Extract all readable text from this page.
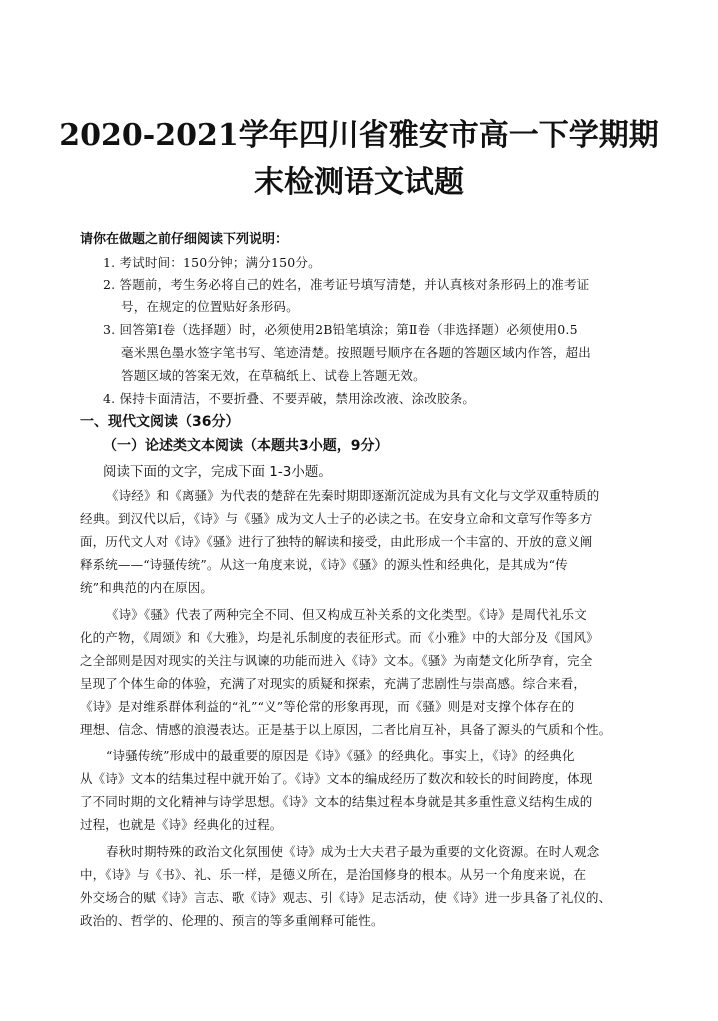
2020-2021学年四川省雅安市高一下学期期
末检测语文试题
请你在做题之前仔细阅读下列说明：
1. 考试时间：150分钟；满分150分。
2. 答题前，考生务必将自己的姓名，准考证号填写清楚，并认真核对条形码上的准考证
号，在规定的位置贴好条形码。
3. 回答第Ⅰ卷（选择题）时，必须使用2B铅笔填涂；第Ⅱ卷（非选择题）必须使用0.5
毫米黑色墨水签字笔书写、笔迹清楚。按照题号顺序在各题的答题区域内作答，超出
答题区域的答案无效，在草稿纸上、试卷上答题无效。
4. 保持卡面清洁，不要折叠、不要弄破，禁用涂改液、涂改胶条。
一、现代文阅读（36分）
（一）论述类文本阅读（本题共3小题，9分）
阅读下面的文字，完成下面 1-3小题。
《诗经》和《离骚》为代表的楚辞在先秦时期即逐渐沉淀成为具有文化与文学双重特质的
经典。到汉代以后，《诗》与《骚》成为文人士子的必读之书。在安身立命和文章写作等多方
面，历代文人对《诗》《骚》进行了独特的解读和接受，由此形成一个丰富的、开放的意义阐
释系统——“诗骚传统”。从这一角度来说，《诗》《骚》的源头性和经典化，是其成为“传
统”和典范的内在原因。
《诗》《骚》代表了两种完全不同、但又构成互补关系的文化类型。《诗》是周代礼乐文
化的产物，《周颂》和《大雅》，均是礼乐制度的表征形式。而《小雅》中的大部分及《国风》
之全部则是因对现实的关注与讽谏的功能而进入《诗》文本。《骚》为南楚文化所孕育，完全
呈现了个体生命的体验，充满了对现实的质疑和探索，充满了悲剧性与崇高感。综合来看，
《诗》是对维系群体利益的“礼”“义”等伦常的形象再现，而《骚》则是对支撑个体存在的
理想、信念、情感的浪漫表达。正是基于以上原因，二者比肩互补，具备了源头的气质和个性。
“诗骚传统”形成中的最重要的原因是《诗》《骚》的经典化。事实上，《诗》的经典化
从《诗》文本的结集过程中就开始了。《诗》文本的编成经历了数次和较长的时间跨度，体现
了不同时期的文化精神与诗学思想。《诗》文本的结集过程本身就是其多重性意义结构生成的
过程，也就是《诗》经典化的过程。
春秋时期特殊的政治文化氛围使《诗》成为士大夫君子最为重要的文化资源。在时人观念
中，《诗》与《书》、礼、乐一样，是德义所在，是治国修身的根本。从另一个角度来说，在
外交场合的赋《诗》言志、歌《诗》观志、引《诗》足志活动，使《诗》进一步具备了礼仪的、
政治的、哲学的、伦理的、预言的等多重阐释可能性。
